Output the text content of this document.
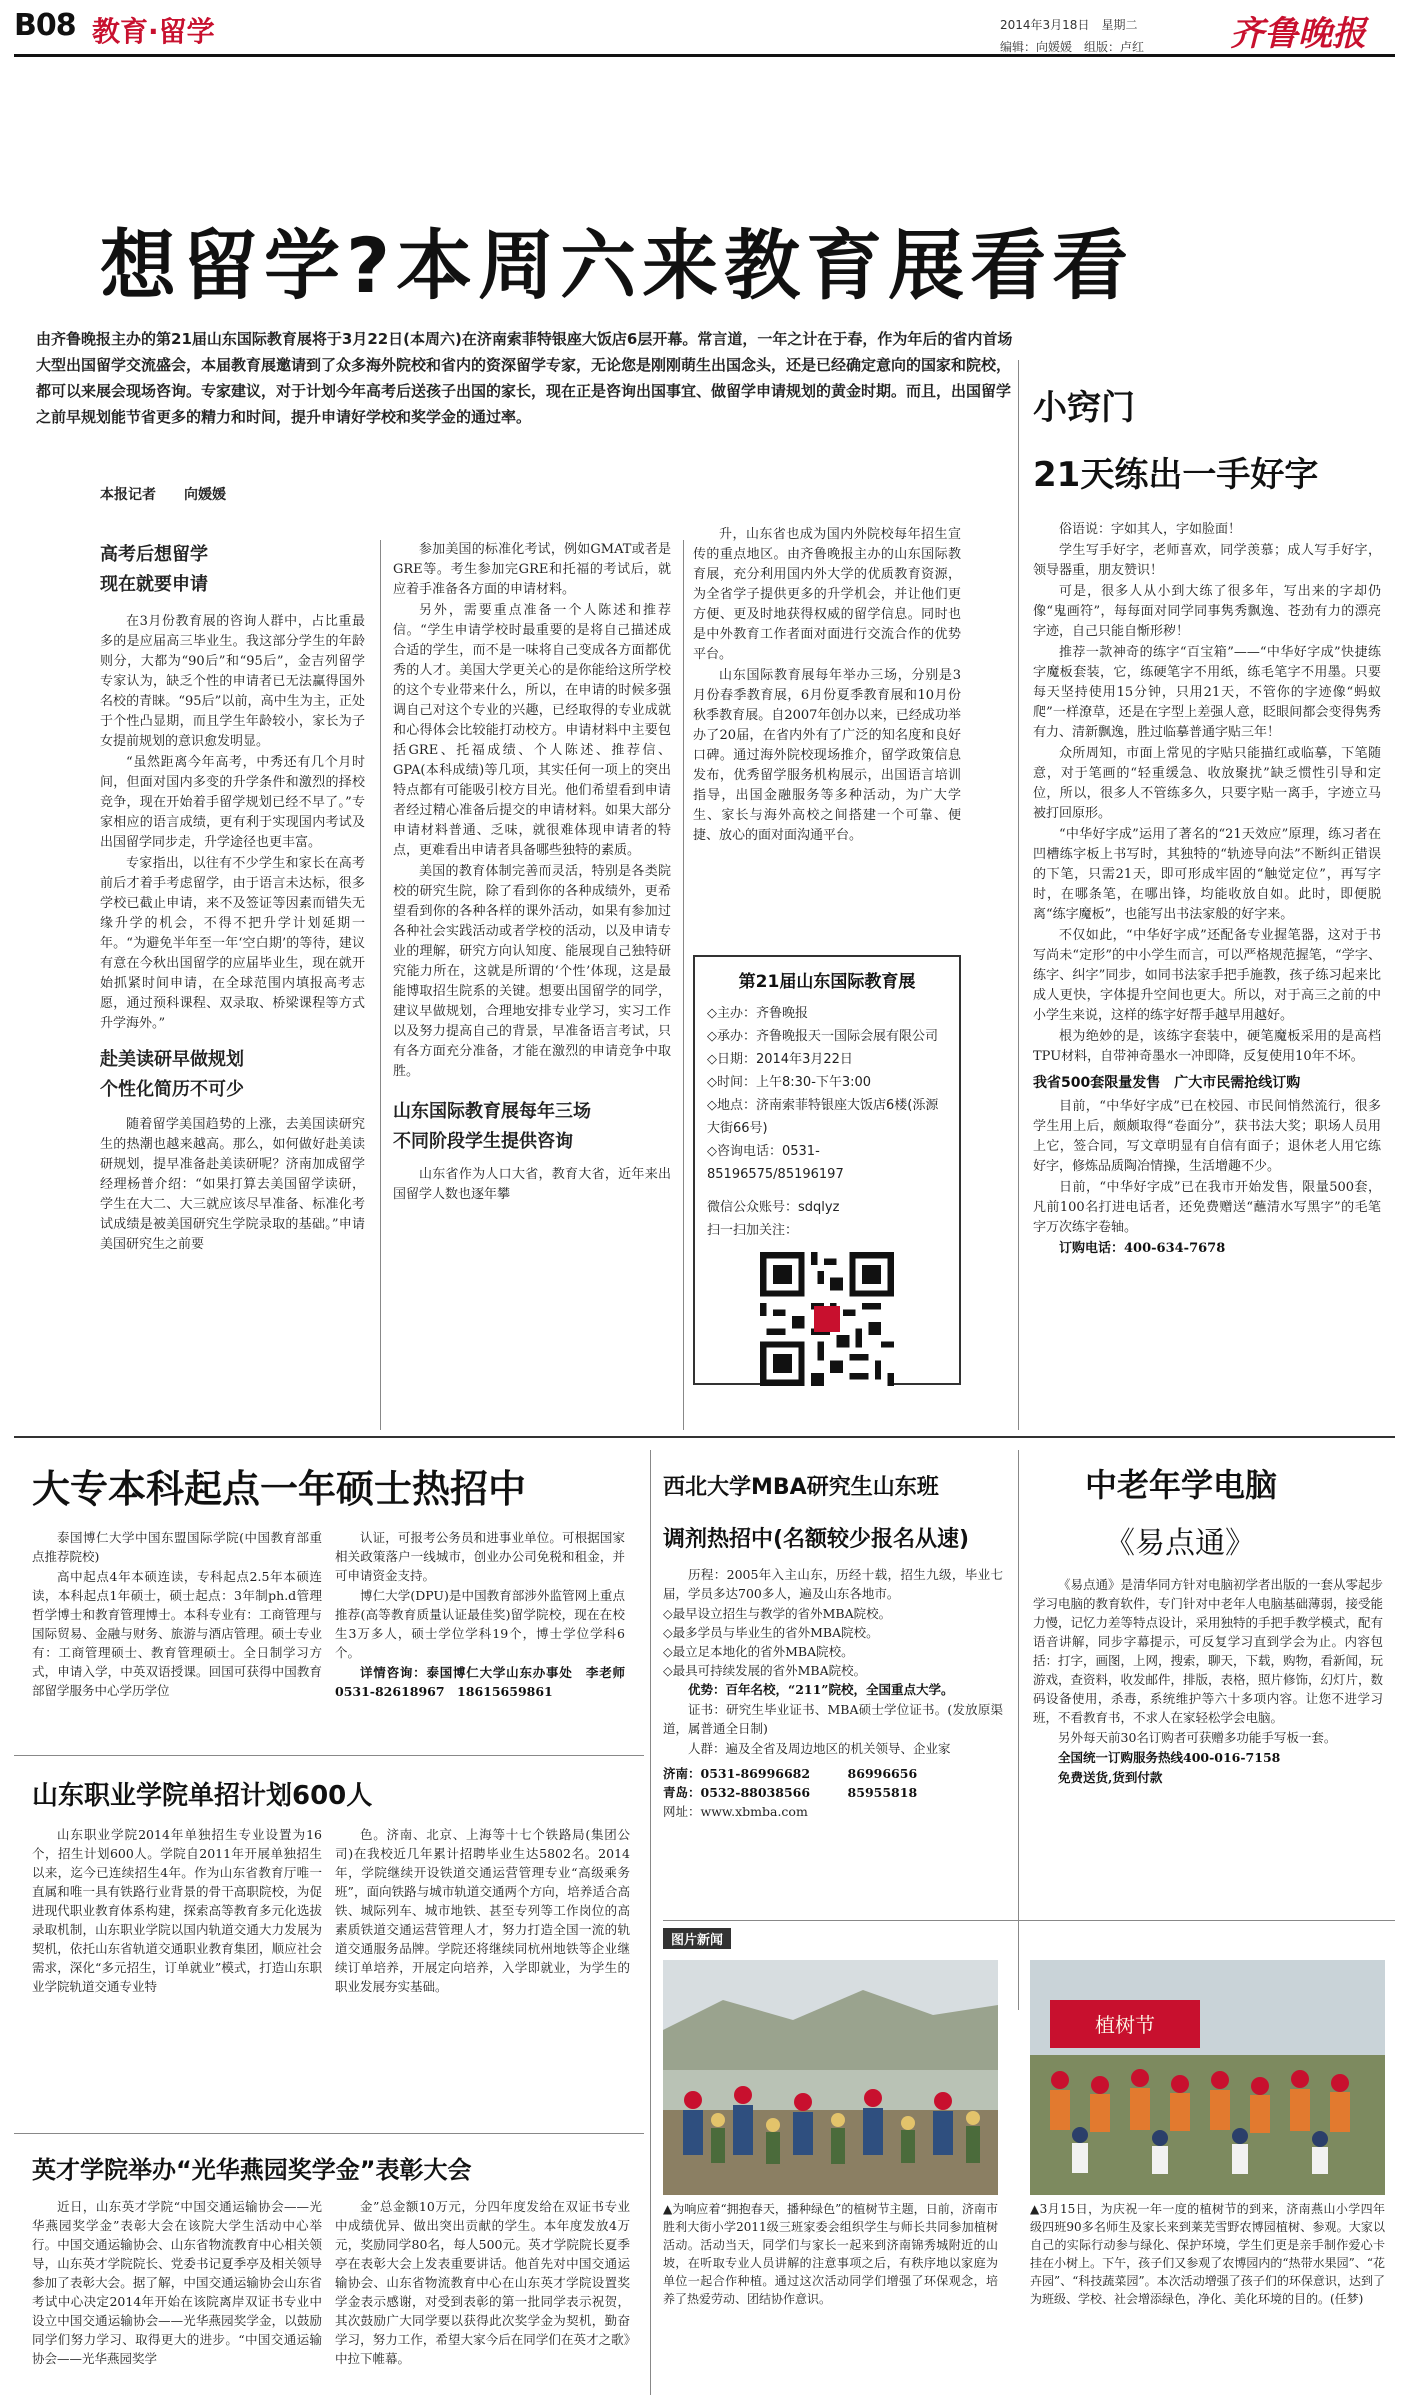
B08 教育·留学	2014年3月18日　星期二
编辑：向媛媛　组版：卢红	齐鲁晚报
想留学?本周六来教育展看看
由齐鲁晚报主办的第21届山东国际教育展将于3月22日(本周六)在济南索菲特银座大饭店6层开幕。常言道，一年之计在于春，作为年后的省内首场大型出国留学交流盛会，本届教育展邀请到了众多海外院校和省内的资深留学专家，无论您是刚刚萌生出国念头，还是已经确定意向的国家和院校，都可以来展会现场咨询。专家建议，对于计划今年高考后送孩子出国的家长，现在正是咨询出国事宜、做留学申请规划的黄金时期。而且，出国留学之前早规划能节省更多的精力和时间，提升申请好学校和奖学金的通过率。
本报记者　　向媛媛
高考后想留学
现在就要申请

在3月份教育展的咨询人群中，占比重最多的是应届高三毕业生。我这部分学生的年龄则分，大都为“90后”和“95后”，金吉列留学专家认为，缺乏个性的申请者已无法赢得国外名校的青睐。“95后”以前，高中生为主，正处于个性凸显期，而且学生年龄较小，家长为子女提前规划的意识愈发明显。

“虽然距离今年高考，中秀还有几个月时间，但面对国内多变的升学条件和激烈的择校竞争，现在开始着手留学规划已经不早了。”专家相应的语言成绩，更有利于实现国内考试及出国留学同步走，升学途径也更丰富。

专家指出，以往有不少学生和家长在高考前后才着手考虑留学，由于语言未达标，很多学校已截止申请，来不及签证等因素而错失无缘升学的机会，不得不把升学计划延期一年。“为避免半年至一年‘空白期’的等待，建议有意在今秋出国留学的应届毕业生，现在就开始抓紧时间申请，在全球范围内填报高考志愿，通过预科课程、双录取、桥梁课程等方式升学海外。”

赴美读研早做规划
个性化简历不可少

随着留学美国趋势的上涨，去美国读研究生的热潮也越来越高。那么，如何做好赴美读研规划，提早准备赴美读研呢？济南加成留学经理杨普介绍：“如果打算去美国留学读研，学生在大二、大三就应该尽早准备、标准化考试成绩是被美国研究生学院录取的基础。”申请美国研究生之前要

参加美国的标准化考试，例如GMAT或者是GRE等。考生参加完GRE和托福的考试后，就应着手准备各方面的申请材料。

另外，需要重点准备一个人陈述和推荐信。“学生申请学校时最重要的是将自己描述成合适的学生，而不是一味将自己变成各方面都优秀的人才。美国大学更关心的是你能给这所学校的这个专业带来什么，所以，在申请的时候多强调自己对这个专业的兴趣，已经取得的专业成就和心得体会比较能打动校方。申请材料中主要包括GRE、托福成绩、个人陈述、推荐信、GPA(本科成绩)等几项，其实任何一项上的突出特点都有可能吸引校方目光。他们希望看到申请者经过精心准备后提交的申请材料。如果大部分申请材料普通、乏味，就很难体现申请者的特点，更难看出申请者具备哪些独特的素质。

美国的教育体制完善而灵活，特别是各类院校的研究生院，除了看到你的各种成绩外，更希望看到你的各种各样的课外活动，如果有参加过各种社会实践活动或者学校的活动，以及申请专业的理解，研究方向认知度、能展现自己独特研究能力所在，这就是所谓的‘个性’体现，这是最能博取招生院系的关键。想要出国留学的同学，建议早做规划，合理地安排专业学习，实习工作以及努力提高自己的背景，早准备语言考试，只有各方面充分准备，才能在激烈的申请竞争中取胜。

山东国际教育展每年三场
不同阶段学生提供咨询

山东省作为人口大省，教育大省，近年来出国留学人数也逐年攀

升，山东省也成为国内外院校每年招生宣传的重点地区。由齐鲁晚报主办的山东国际教育展，充分利用国内外大学的优质教育资源，为全省学子提供更多的升学机会，并让他们更方便、更及时地获得权威的留学信息。同时也是中外教育工作者面对面进行交流合作的优势平台。

山东国际教育展每年举办三场，分别是3月份春季教育展，6月份夏季教育展和10月份秋季教育展。自2007年创办以来，已经成功举办了20届，在省内外有了广泛的知名度和良好口碑。通过海外院校现场推介，留学政策信息发布，优秀留学服务机构展示，出国语言培训指导，出国金融服务等多种活动，为广大学生、家长与海外高校之间搭建一个可靠、便捷、放心的面对面沟通平台。

第21届山东国际教育展
◇主办：齐鲁晚报
◇承办：齐鲁晚报天一国际会展有限公司
◇日期：2014年3月22日
◇时间：上午8:30-下午3:00
◇地点：济南索菲特银座大饭店6楼(泺源大街66号)
◇咨询电话：0531-85196575/85196197
微信公众账号：sdqlyz
扫一扫加关注：
小窍门
21天练出一手好字

俗语说：字如其人，字如脸面！

学生写手好字，老师喜欢，同学羡慕；成人写手好字，领导器重，朋友赞识！

可是，很多人从小到大练了很多年，写出来的字却仍像“鬼画符”，每每面对同学同事隽秀飘逸、苍劲有力的漂亮字迹，自己只能自惭形秽！

推荐一款神奇的练字“百宝箱”——“中华好字成”快捷练字魔板套装，它，练硬笔字不用纸，练毛笔字不用墨。只要每天坚持使用15分钟，只用21天，不管你的字迹像“蚂蚁爬”一样潦草，还是在字型上差强人意，眨眼间都会变得隽秀有力、清新飘逸，胜过临摹普通字贴三年！

众所周知，市面上常见的字贴只能描红或临摹，下笔随意，对于笔画的“轻重缓急、收放聚扰”缺乏惯性引导和定位，所以，很多人不管练多久，只要字贴一离手，字迹立马被打回原形。

“中华好字成”运用了著名的“21天效应”原理，练习者在凹槽练字板上书写时，其独特的“轨迹导向法”不断纠正错误的下笔，只需21天，即可形成牢固的“触觉定位”，再写字时，在哪条笔，在哪出锋，均能收放自如。此时，即便脱离“练字魔板”，也能写出书法家般的好字来。

不仅如此，“中华好字成”还配备专业握笔器，这对于书写尚未“定形”的中小学生而言，可以严格规范握笔，“学字、练字、纠字”同步，如同书法家手把手施教，孩子练习起来比成人更快，字体提升空间也更大。所以，对于高三之前的中小学生来说，这样的练字好帮手越早用越好。

根为绝妙的是，该练字套装中，硬笔魔板采用的是高档TPU材料，自带神奇墨水一冲即降，反复使用10年不坏。

我省500套限量发售　广大市民需抢线订购

目前，“中华好字成”已在校园、市民间悄然流行，很多学生用上后，颇颇取得“卷面分”，获书法大奖；职场人员用上它，签合同，写文章明显有自信有面子；退休老人用它练好字，修炼品质陶冶情操，生活增趣不少。

日前，“中华好字成”已在我市开始发售，限量500套，凡前100名打进电话者，还免费赠送“蘸清水写黑字”的毛笔字万次练字卷轴。

订购电话：400-634-7678

大专本科起点一年硕士热招中

泰国博仁大学中国东盟国际学院(中国教育部重点推荐院校)

高中起点4年本硕连读，专科起点2.5年本硕连读，本科起点1年硕士，硕士起点：3年制ph.d管理哲学博士和教育管理博士。本科专业有：工商管理与国际贸易、金融与财务、旅游与酒店管理。硕士专业有：工商管理硕士、教育管理硕士。全日制学习方式，申请入学，中英双语授课。回国可获得中国教育部留学服务中心学历学位

认证，可报考公务员和进事业单位。可根据国家相关政策落户一线城市，创业办公司免税和租金，并可申请资金支持。

博仁大学(DPU)是中国教育部涉外监管网上重点推荐(高等教育质量认证最佳奖)留学院校，现在在校生3万多人，硕士学位学科19个，博士学位学科6个。

详情咨询：泰国博仁大学山东办事处　李老师0531-82618967　18615659861

山东职业学院单招计划600人

山东职业学院2014年单独招生专业设置为16个，招生计划600人。学院自2011年开展单独招生以来，迄今已连续招生4年。作为山东省教育厅唯一直属和唯一具有铁路行业背景的骨干高职院校，为促进现代职业教育体系构建，探索高等教育多元化选拔录取机制，山东职业学院以国内轨道交通大力发展为契机，依托山东省轨道交通职业教育集团，顺应社会需求，深化“多元招生，订单就业”模式，打造山东职业学院轨道交通专业特

色。济南、北京、上海等十七个铁路局(集团公司)在我校近几年累计招聘毕业生达5802名。2014年，学院继续开设铁道交通运营管理专业“高级乘务班”，面向铁路与城市轨道交通两个方向，培养适合高铁、城际列车、城市地铁、甚至专列等工作岗位的高素质铁道交通运营管理人才，努力打造全国一流的轨道交通服务品牌。学院还将继续同杭州地铁等企业继续订单培养，开展定向培养，入学即就业，为学生的职业发展夯实基础。

英才学院举办“光华燕园奖学金”表彰大会

近日，山东英才学院“中国交通运输协会——光华燕园奖学金”表彰大会在该院大学生活动中心举行。中国交通运输协会、山东省物流教育中心相关领导，山东英才学院院长、党委书记夏季亭及相关领导参加了表彰大会。据了解，中国交通运输协会山东省考试中心决定2014年开始在该院离岸双证书专业中设立中国交通运输协会——光华燕园奖学金，以鼓励同学们努力学习、取得更大的进步。“中国交通运输协会——光华燕园奖学

金”总金额10万元，分四年度发给在双证书专业中成绩优异、做出突出贡献的学生。本年度发放4万元，奖励同学80名，每人500元。英才学院院长夏季亭在表彰大会上发表重要讲话。他首先对中国交通运输协会、山东省物流教育中心在山东英才学院设置奖学金表示感谢，对受到表彰的第一批同学表示祝贺，其次鼓励广大同学要以获得此次奖学金为契机，勤奋学习，努力工作，希望大家今后在同学们在英才之歌》中拉下帷幕。

西北大学MBA研究生山东班
调剂热招中(名额较少报名从速)

历程：2005年入主山东，历经十载，招生九级，毕业七届，学员多达700多人，遍及山东各地市。

◇最早设立招生与教学的省外MBA院校。
◇最多学员与毕业生的省外MBA院校。
◇最立足本地化的省外MBA院校。
◇最具可持续发展的省外MBA院校。

优势：百年名校，“211”院校，全国重点大学。

证书：研究生毕业证书、MBA硕士学位证书。(发放原渠道，属普通全日制)

人群：遍及全省及周边地区的机关领导、企业家

济南：0531-86996682　　　86996656
青岛：0532-88038566　　　85955818
网址：www.xbmba.com
中老年学电脑
《易点通》

《易点通》是清华同方针对电脑初学者出版的一套从零起步学习电脑的教育软件，专门针对中老年人电脑基础薄弱，接受能力慢，记忆力差等特点设计，采用独特的手把手教学模式，配有语音讲解，同步字幕提示，可反复学习直到学会为止。内容包括：打字，画图，上网，搜索，聊天，下载，购物，看新闻，玩游戏，查资料，收发邮件，排版，表格，照片修饰，幻灯片，数码设备使用，杀毒，系统维护等六十多项内容。让您不进学习班，不看教育书，不求人在家轻松学会电脑。

另外每天前30名订购者可获赠多功能手写板一套。

全国统一订购服务热线400-016-7158

免费送货,货到付款

图片新闻
▲为响应着“拥抱春天，播种绿色”的植树节主题，日前，济南市胜利大街小学2011级三班家委会组织学生与师长共同参加植树活动。活动当天，同学们与家长一起来到济南锦秀城附近的山坡，在听取专业人员讲解的注意事项之后，有秩序地以家庭为单位一起合作种植。通过这次活动同学们增强了环保观念，培养了热爱劳动、团结协作意识。
植树节
▲3月15日，为庆祝一年一度的植树节的到来，济南燕山小学四年级四班90多名师生及家长来到莱芜雪野农博园植树、参观。大家以自己的实际行动参与绿化、保护环境，学生们更是亲手制作爱心卡挂在小树上。下午，孩子们又参观了农博园内的“热带水果园”、“花卉园”、“科技蔬菜园”。本次活动增强了孩子们的环保意识，达到了为班级、学校、社会增添绿色，净化、美化环境的目的。(任梦)
